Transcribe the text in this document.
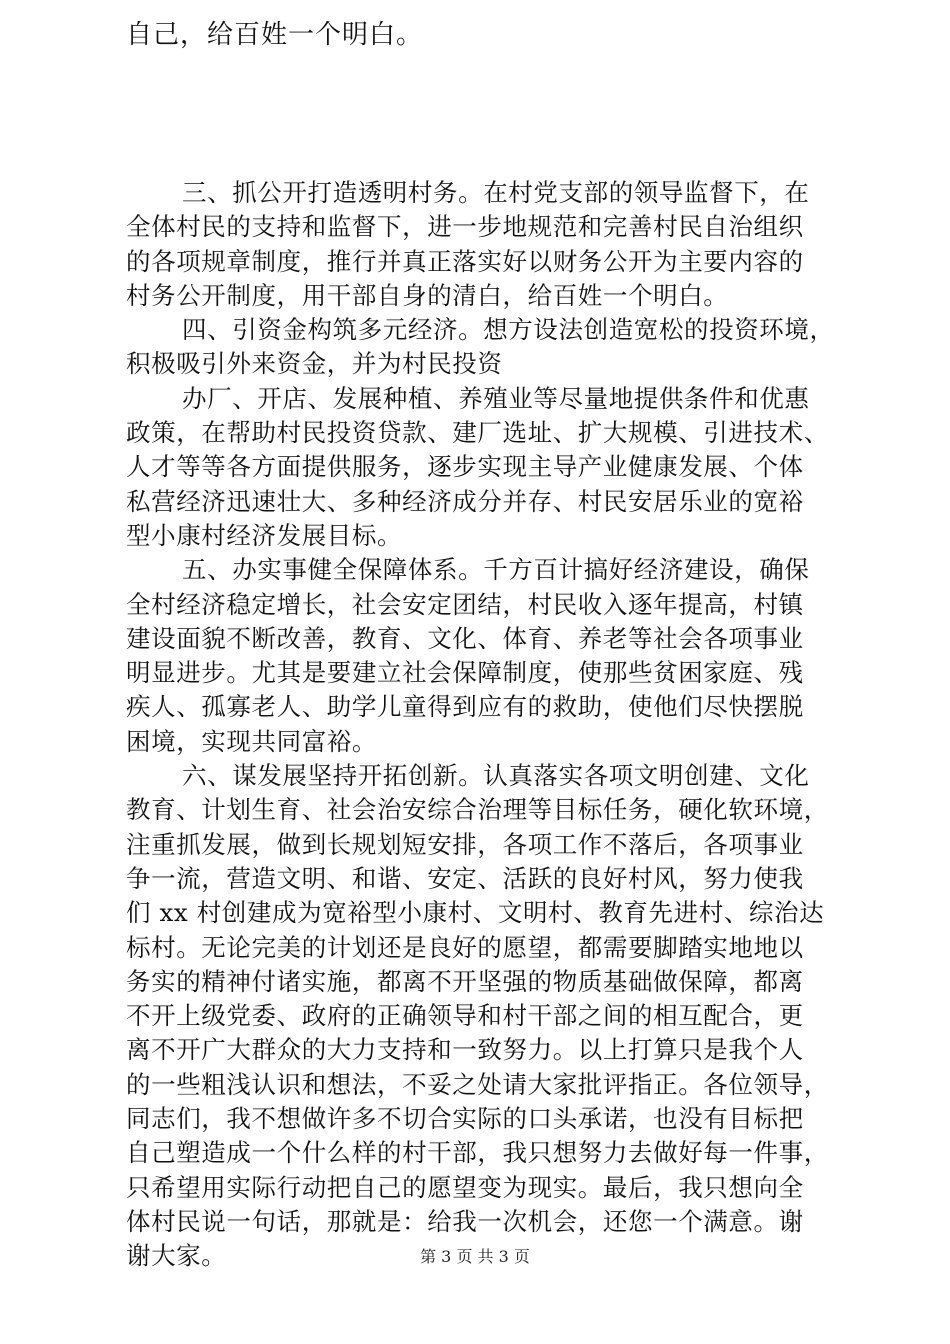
自己，给百姓一个明白。
三、抓公开打造透明村务。在村党支部的领导监督下，在
全体村民的支持和监督下，进一步地规范和完善村民自治组织
的各项规章制度，推行并真正落实好以财务公开为主要内容的
村务公开制度，用干部自身的清白，给百姓一个明白。
四、引资金构筑多元经济。想方设法创造宽松的投资环境，
积极吸引外来资金，并为村民投资
办厂、开店、发展种植、养殖业等尽量地提供条件和优惠
政策，在帮助村民投资贷款、建厂选址、扩大规模、引进技术、
人才等等各方面提供服务，逐步实现主导产业健康发展、个体
私营经济迅速壮大、多种经济成分并存、村民安居乐业的宽裕
型小康村经济发展目标。
五、办实事健全保障体系。千方百计搞好经济建设，确保
全村经济稳定增长，社会安定团结，村民收入逐年提高，村镇
建设面貌不断改善，教育、文化、体育、养老等社会各项事业
明显进步。尤其是要建立社会保障制度，使那些贫困家庭、残
疾人、孤寡老人、助学儿童得到应有的救助，使他们尽快摆脱
困境，实现共同富裕。
六、谋发展坚持开拓创新。认真落实各项文明创建、文化
教育、计划生育、社会治安综合治理等目标任务，硬化软环境，
注重抓发展，做到长规划短安排，各项工作不落后，各项事业
争一流，营造文明、和谐、安定、活跃的良好村风，努力使我
们 xx 村创建成为宽裕型小康村、文明村、教育先进村、综治达
标村。无论完美的计划还是良好的愿望，都需要脚踏实地地以
务实的精神付诸实施，都离不开坚强的物质基础做保障，都离
不开上级党委、政府的正确领导和村干部之间的相互配合，更
离不开广大群众的大力支持和一致努力。以上打算只是我个人
的一些粗浅认识和想法，不妥之处请大家批评指正。各位领导，
同志们，我不想做许多不切合实际的口头承诺，也没有目标把
自己塑造成一个什么样的村干部，我只想努力去做好每一件事，
只希望用实际行动把自己的愿望变为现实。最后，我只想向全
体村民说一句话，那就是：给我一次机会，还您一个满意。谢
谢大家。	第 3 页 共 3 页
